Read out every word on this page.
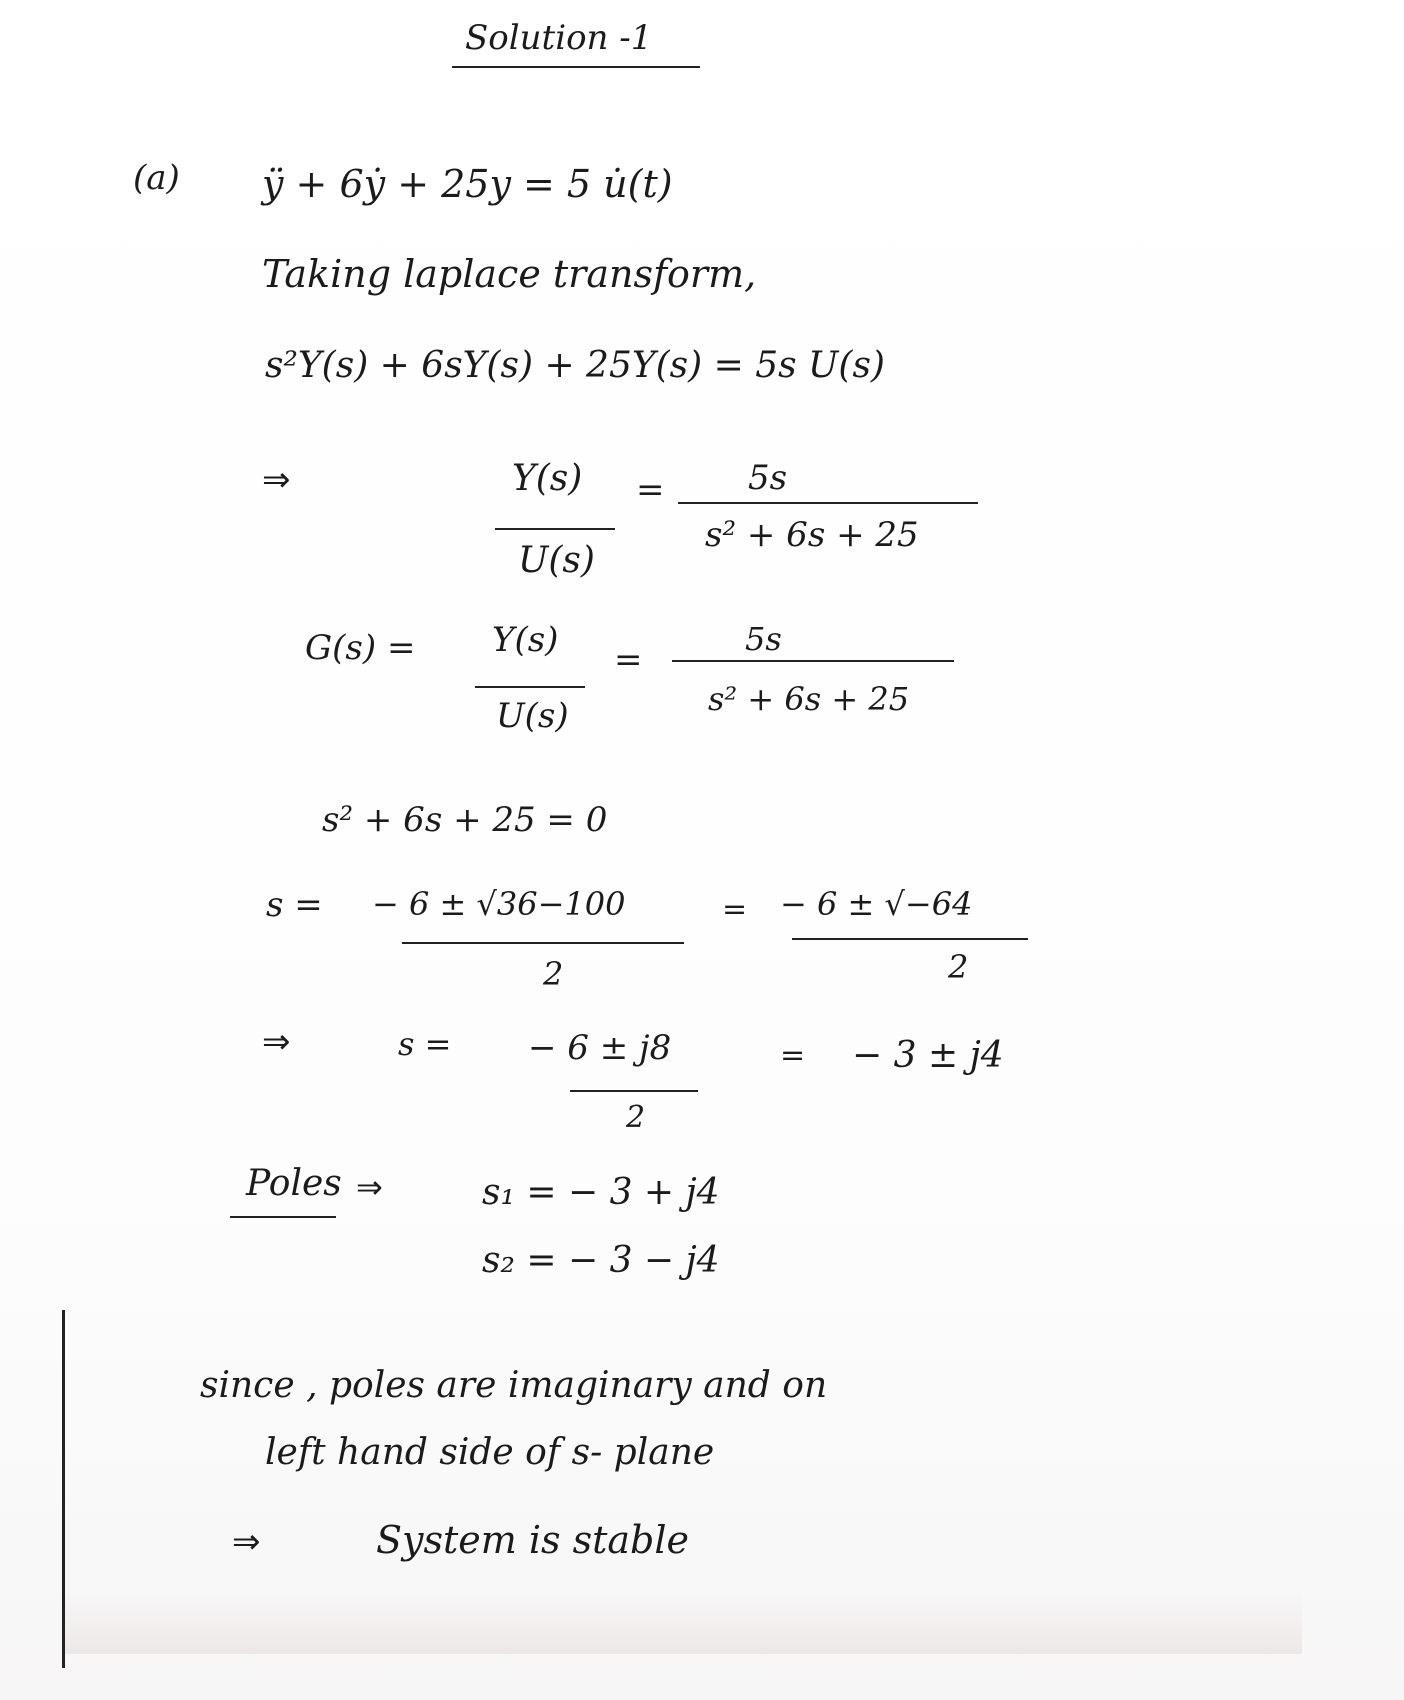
Solution -1
(a) ÿ + 6ẏ + 25y = 5 u̇(t)
Taking laplace transform,
s²Y(s) + 6sY(s) + 25Y(s) = 5s U(s)
⇒	Y(s)
U(s)
= 5s
s² + 6s + 25
G(s) = Y(s)
U(s)
=
5s
s² + 6s + 25
s² + 6s + 25 = 0
s = − 6 ± √36−100
2
= − 6 ± √−64
2
⇒	s = − 6 ± j8
2
= − 3 ± j4
Poles ⇒	s₁ = − 3 + j4
s₂ = − 3 − j4
since , poles are imaginary and on
left hand side of s- plane
⇒	System is stable
